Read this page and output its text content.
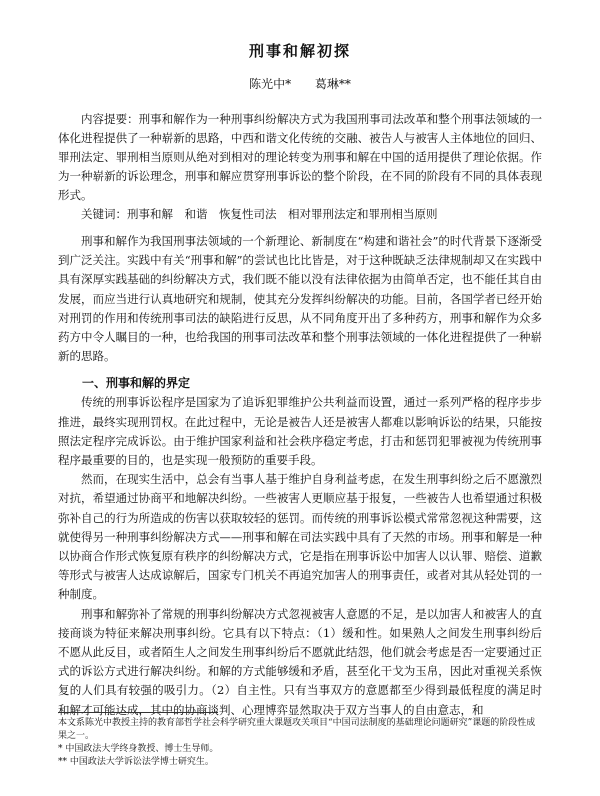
刑事和解初探
陈光中* 葛琳**

内容提要：刑事和解作为一种刑事纠纷解决方式为我国刑事司法改革和整个刑事法领域的一体化进程提供了一种崭新的思路，中西和谐文化传统的交融、被告人与被害人主体地位的回归、罪刑法定、罪刑相当原则从绝对到相对的理论转变为刑事和解在中国的适用提供了理论依据。作为一种崭新的诉讼理念，刑事和解应贯穿刑事诉讼的整个阶段，在不同的阶段有不同的具体表现形式。

关键词：刑事和解　和谐　恢复性司法　相对罪刑法定和罪刑相当原则

刑事和解作为我国刑事法领域的一个新理论、新制度在“构建和谐社会”的时代背景下逐渐受到广泛关注。实践中有关“刑事和解”的尝试也比比皆是，对于这种既缺乏法律规制却又在实践中具有深厚实践基础的纠纷解决方式，我们既不能以没有法律依据为由简单否定，也不能任其自由发展，而应当进行认真地研究和规制，使其充分发挥纠纷解决的功能。目前，各国学者已经开始对刑罚的作用和传统刑事司法的缺陷进行反思，从不同角度开出了多种药方，刑事和解作为众多药方中令人瞩目的一种，也给我国的刑事司法改革和整个刑事法领域的一体化进程提供了一种崭新的思路。

一、刑事和解的界定

传统的刑事诉讼程序是国家为了追诉犯罪维护公共利益而设置，通过一系列严格的程序步步推进，最终实现刑罚权。在此过程中，无论是被告人还是被害人都难以影响诉讼的结果，只能按照法定程序完成诉讼。由于维护国家利益和社会秩序稳定考虑，打击和惩罚犯罪被视为传统刑事程序最重要的目的，也是实现一般预防的重要手段。

然而，在现实生活中，总会有当事人基于维护自身利益考虑，在发生刑事纠纷之后不愿激烈对抗，希望通过协商平和地解决纠纷。一些被害人更顺应基于报复，一些被告人也希望通过积极弥补自己的行为所造成的伤害以获取较轻的惩罚。而传统的刑事诉讼模式常常忽视这种需要，这就使得另一种刑事纠纷解决方式——刑事和解在司法实践中具有了天然的市场。刑事和解是一种以协商合作形式恢复原有秩序的纠纷解决方式，它是指在刑事诉讼中加害人以认罪、赔偿、道歉等形式与被害人达成谅解后，国家专门机关不再追究加害人的刑事责任，或者对其从轻处罚的一种制度。

刑事和解弥补了常规的刑事纠纷解决方式忽视被害人意愿的不足，是以加害人和被害人的直接商谈为特征来解决刑事纠纷。它具有以下特点：（1）缓和性。如果熟人之间发生刑事纠纷后不愿从此反目，或者陌生人之间发生刑事纠纷后不愿就此结怨，他们就会考虑是否一定要通过正式的诉讼方式进行解决纠纷。和解的方式能够缓和矛盾，甚至化干戈为玉帛，因此对重视关系恢复的人们具有较强的吸引力。（2）自主性。只有当事双方的意愿都至少得到最低程度的满足时和解才可能达成，其中的协商谈判、心理博弈显然取决于双方当事人的自由意志，和

本文系陈光中教授主持的教育部哲学社会科学研究重大课题攻关项目“中国司法制度的基础理论问题研究”课题的阶段性成果之一。

* 中国政法大学终身教授、博士生导师。

** 中国政法大学诉讼法学博士研究生。
